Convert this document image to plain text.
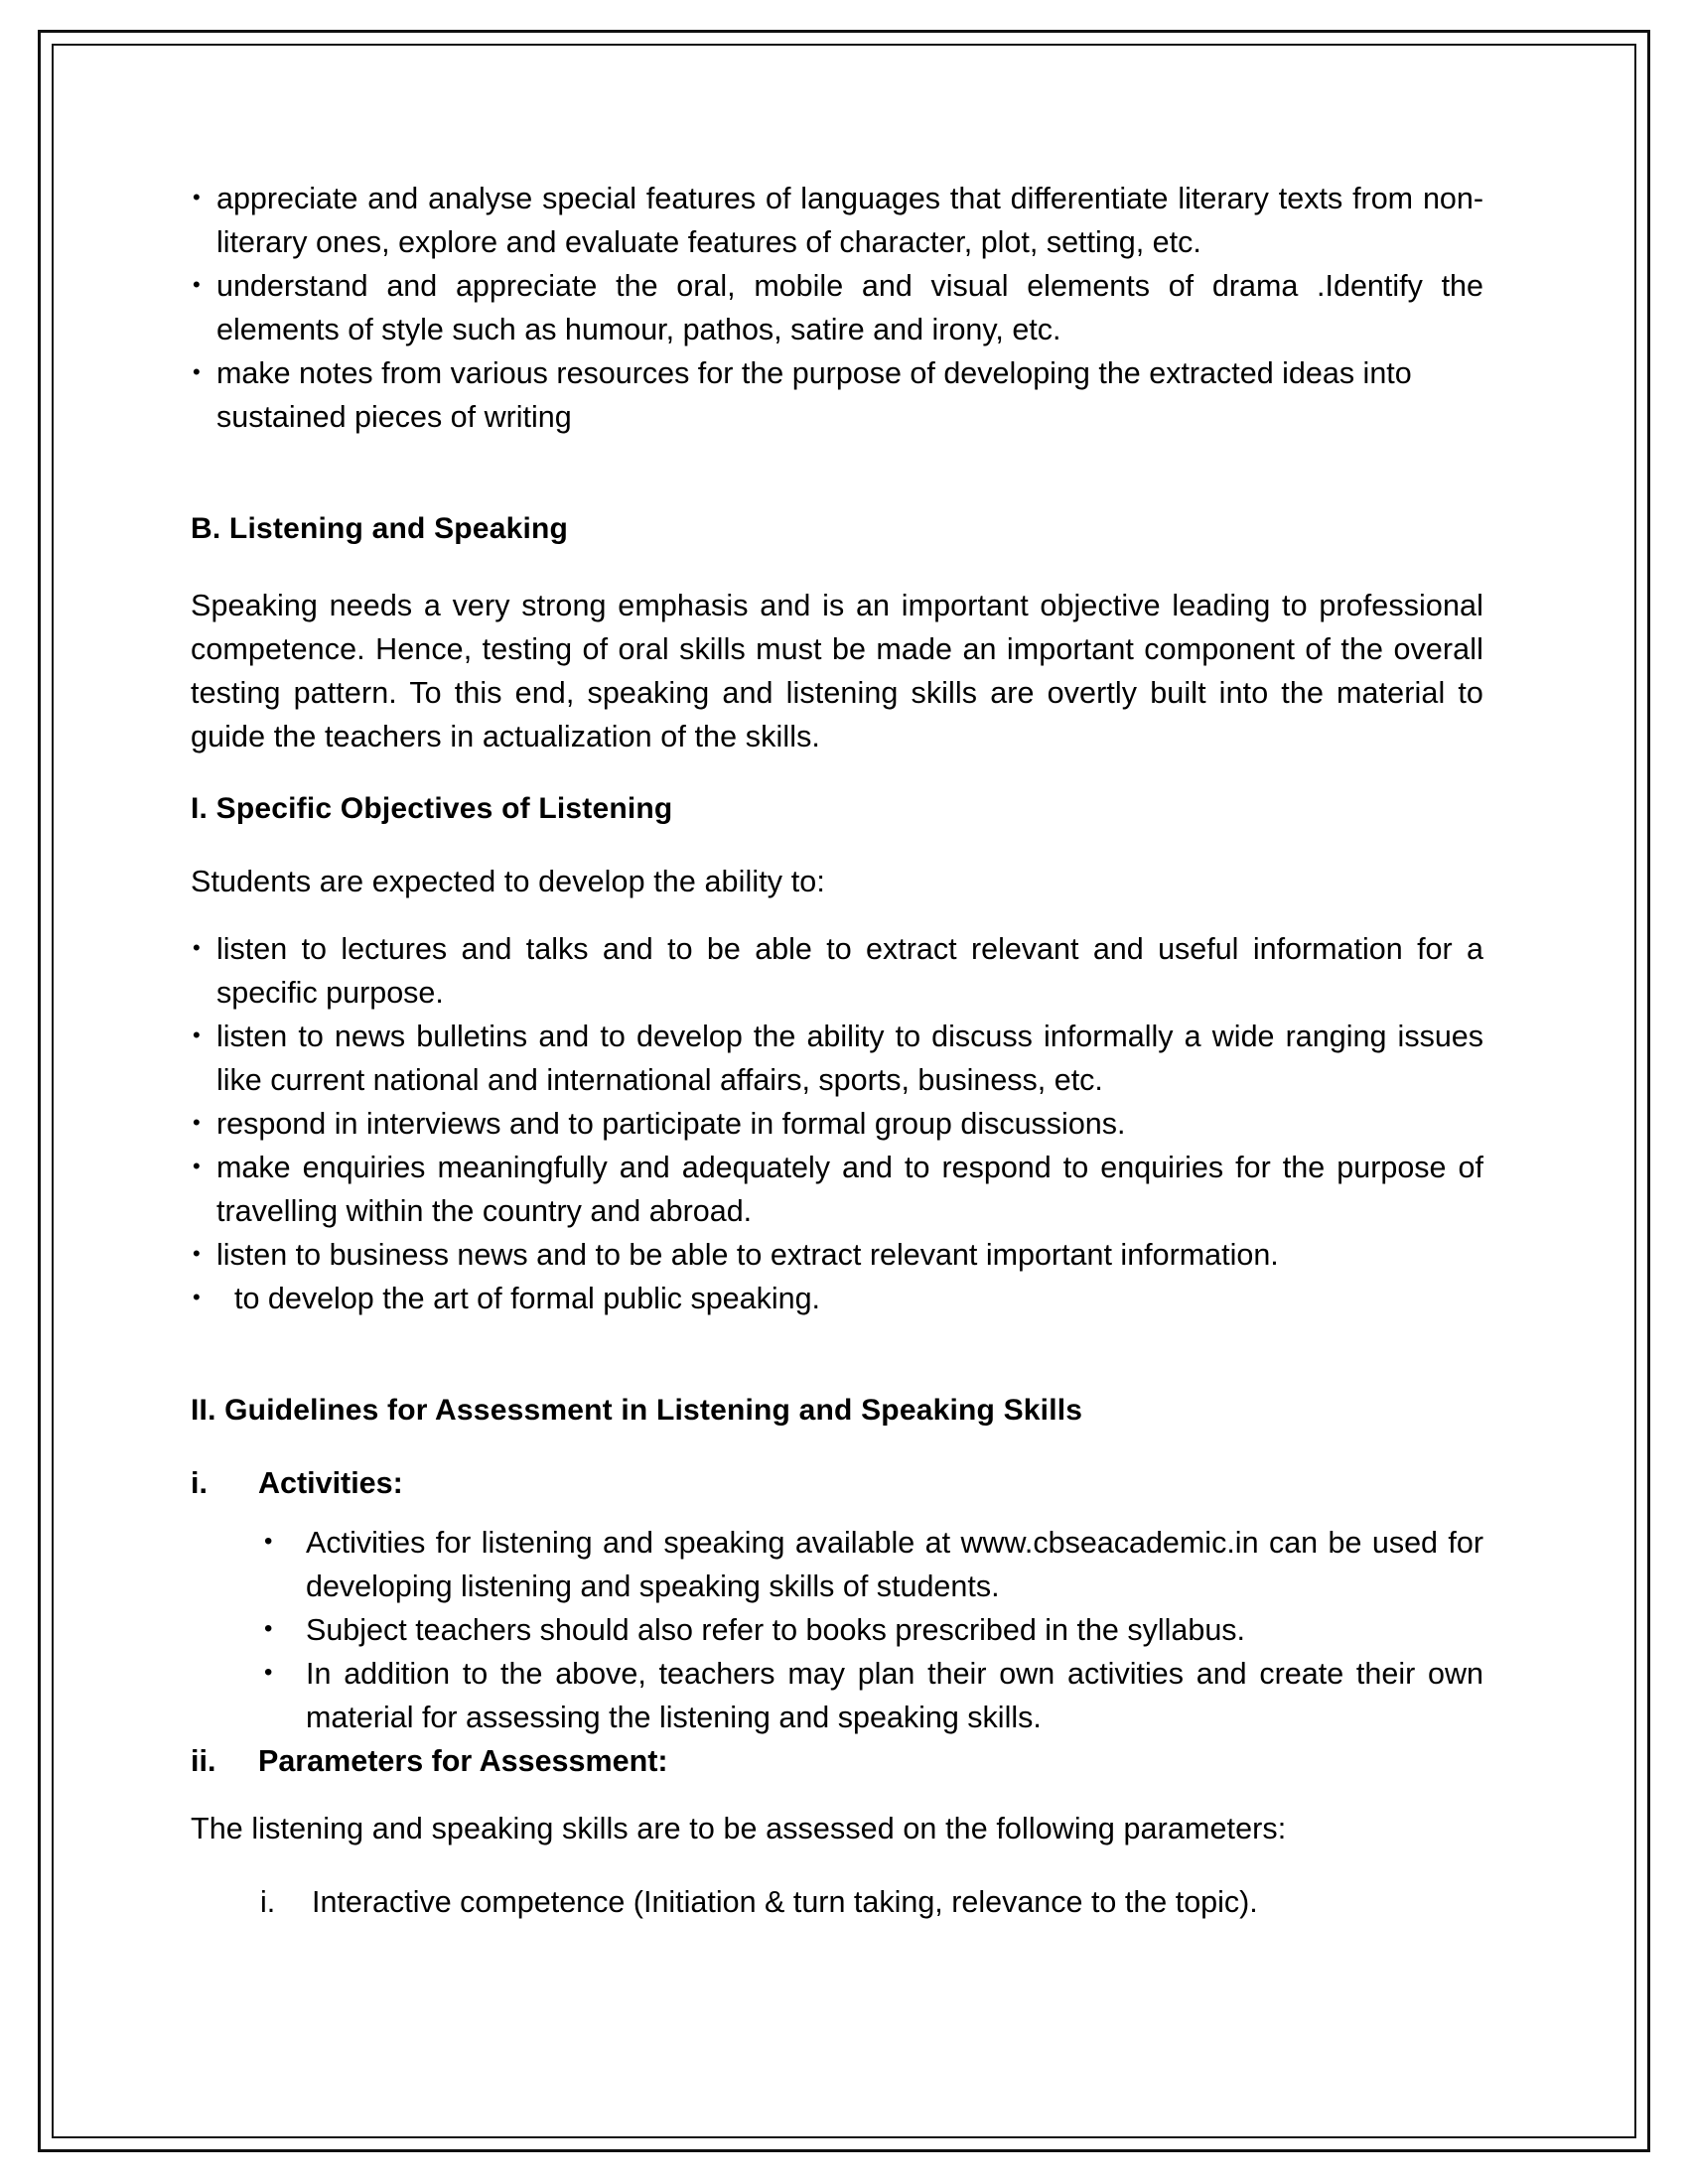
• appreciate and analyse special features of languages that differentiate literary texts from non-literary ones, explore and evaluate features of character, plot, setting, etc.
• understand and appreciate the oral, mobile and visual elements of drama .Identify the elements of style such as humour, pathos, satire and irony, etc.
• make notes from various resources for the purpose of developing the extracted ideas into sustained pieces of writing
B. Listening and Speaking

Speaking needs a very strong emphasis and is an important objective leading to professional competence. Hence, testing of oral skills must be made an important component of the overall testing pattern. To this end, speaking and listening skills are overtly built into the material to guide the teachers in actualization of the skills.

I. Specific Objectives of Listening

Students are expected to develop the ability to:

• listen to lectures and talks and to be able to extract relevant and useful information for a specific purpose.
• listen to news bulletins and to develop the ability to discuss informally a wide ranging issues like current national and international affairs, sports, business, etc.
• respond in interviews and to participate in formal group discussions.
• make enquiries meaningfully and adequately and to respond to enquiries for the purpose of travelling within the country and abroad.
• listen to business news and to be able to extract relevant important information.
• to develop the art of formal public speaking.
II. Guidelines for Assessment in Listening and Speaking Skills
i.	Activities:
• Activities for listening and speaking available at www.cbseacademic.in can be used for developing listening and speaking skills of students.
• Subject teachers should also refer to books prescribed in the syllabus.
• In addition to the above, teachers may plan their own activities and create their own material for assessing the listening and speaking skills.
ii.	Parameters for Assessment:

The listening and speaking skills are to be assessed on the following parameters:

i.	Interactive competence (Initiation & turn taking, relevance to the topic).
